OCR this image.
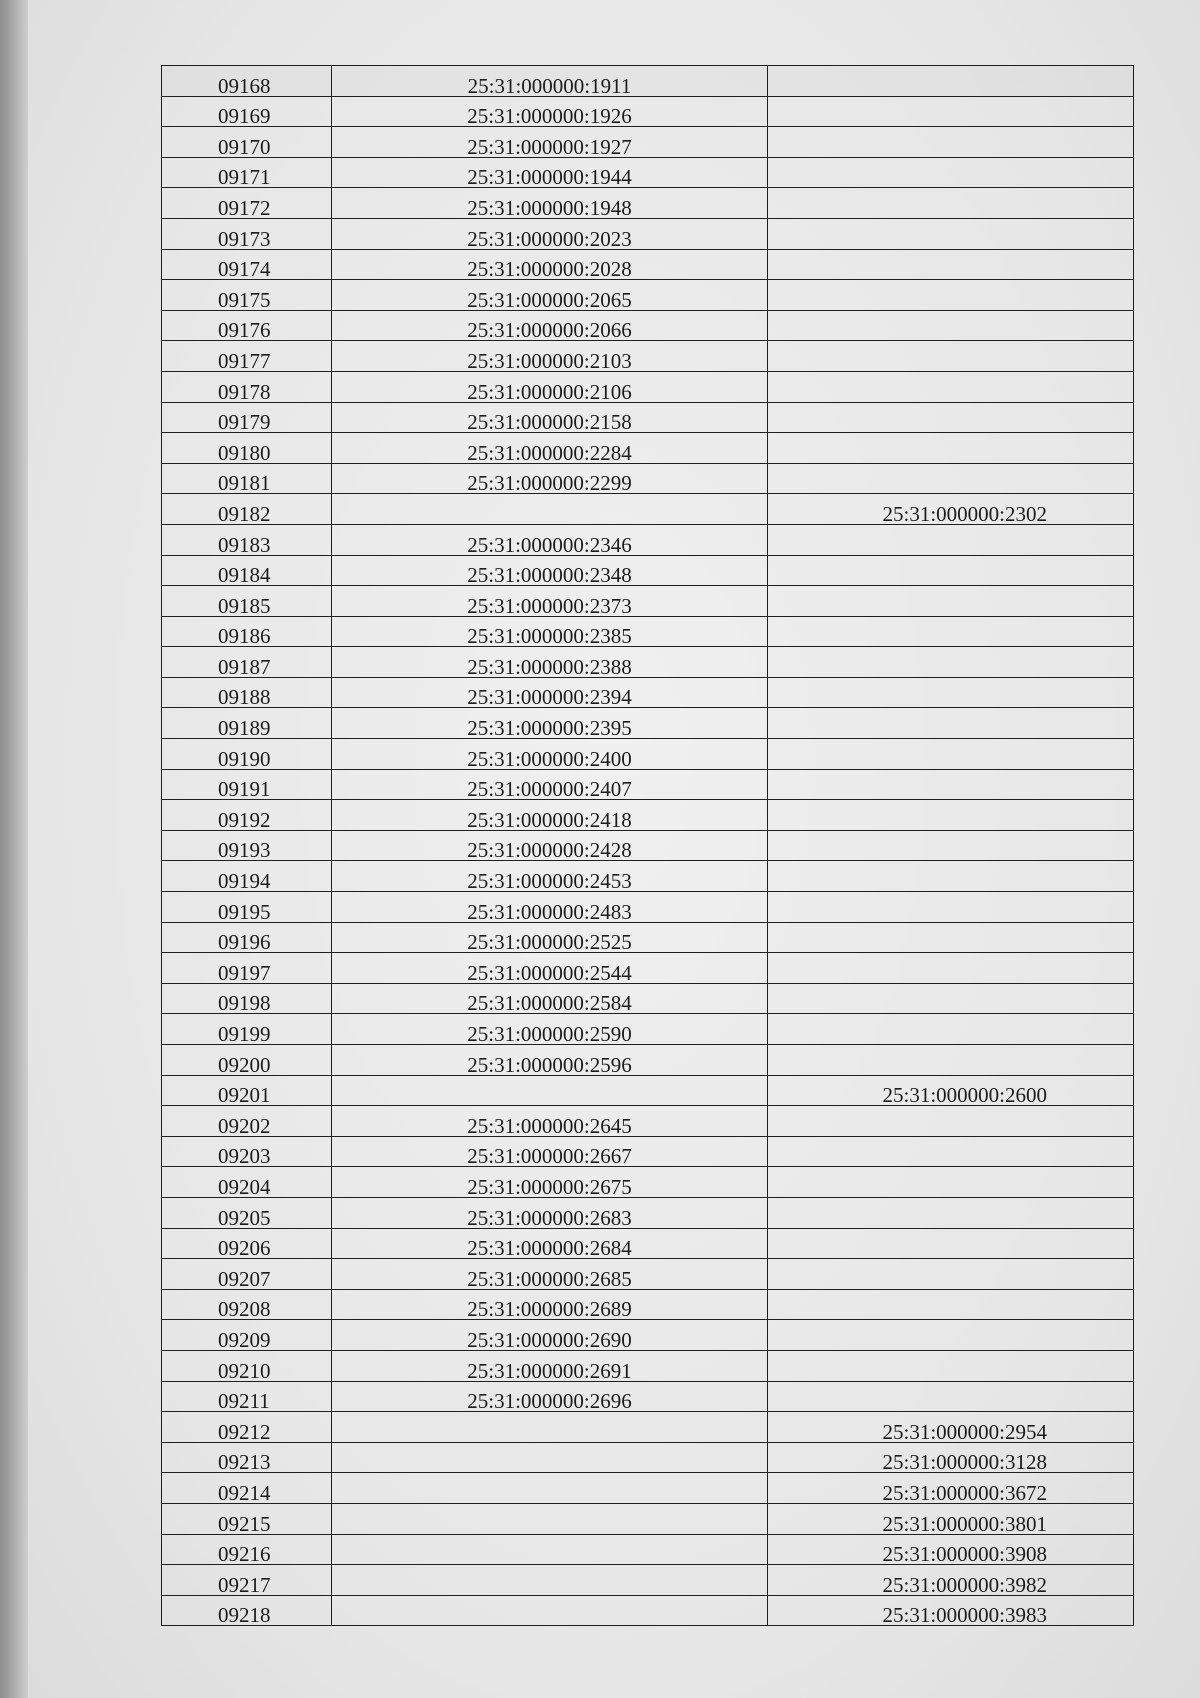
09168	25:31:000000:1911	
09169	25:31:000000:1926	
09170	25:31:000000:1927	
09171	25:31:000000:1944	
09172	25:31:000000:1948	
09173	25:31:000000:2023	
09174	25:31:000000:2028	
09175	25:31:000000:2065	
09176	25:31:000000:2066	
09177	25:31:000000:2103	
09178	25:31:000000:2106	
09179	25:31:000000:2158	
09180	25:31:000000:2284	
09181	25:31:000000:2299	
09182		25:31:000000:2302
09183	25:31:000000:2346	
09184	25:31:000000:2348	
09185	25:31:000000:2373	
09186	25:31:000000:2385	
09187	25:31:000000:2388	
09188	25:31:000000:2394	
09189	25:31:000000:2395	
09190	25:31:000000:2400	
09191	25:31:000000:2407	
09192	25:31:000000:2418	
09193	25:31:000000:2428	
09194	25:31:000000:2453	
09195	25:31:000000:2483	
09196	25:31:000000:2525	
09197	25:31:000000:2544	
09198	25:31:000000:2584	
09199	25:31:000000:2590	
09200	25:31:000000:2596	
09201		25:31:000000:2600
09202	25:31:000000:2645	
09203	25:31:000000:2667	
09204	25:31:000000:2675	
09205	25:31:000000:2683	
09206	25:31:000000:2684	
09207	25:31:000000:2685	
09208	25:31:000000:2689	
09209	25:31:000000:2690	
09210	25:31:000000:2691	
09211	25:31:000000:2696	
09212		25:31:000000:2954
09213		25:31:000000:3128
09214		25:31:000000:3672
09215		25:31:000000:3801
09216		25:31:000000:3908
09217		25:31:000000:3982
09218		25:31:000000:3983
